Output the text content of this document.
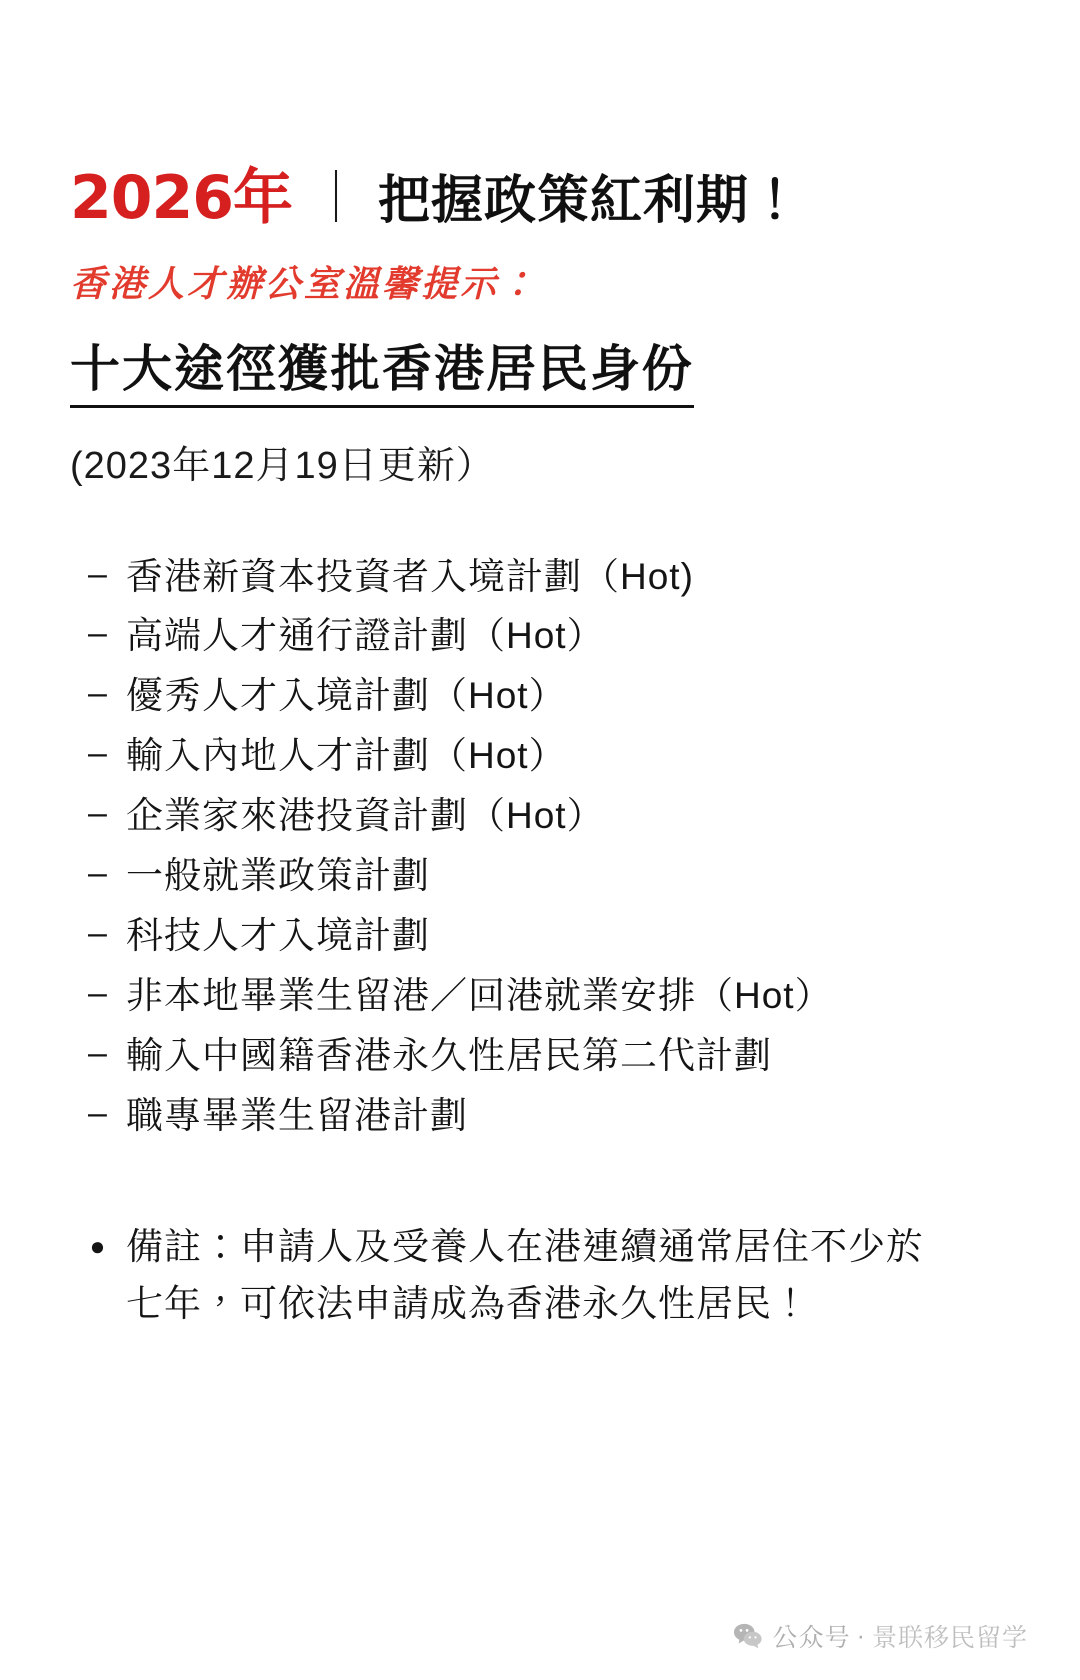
2026年 ｜ 把握政策紅利期！
香港人才辦公室溫馨提示：
十大途徑獲批香港居民身份
(2023年12月19日更新）
– 香港新資本投資者入境計劃（Hot)
– 高端人才通行證計劃（Hot）
– 優秀人才入境計劃（Hot）
– 輸入內地人才計劃（Hot）
– 企業家來港投資計劃（Hot）
– 一般就業政策計劃
– 科技人才入境計劃
– 非本地畢業生留港／回港就業安排（Hot）
– 輸入中國籍香港永久性居民第二代計劃
– 職專畢業生留港計劃
● 備註：申請人及受養人在港連續通常居住不少於七年，可依法申請成為香港永久性居民！
公众号 · 景联移民留学
